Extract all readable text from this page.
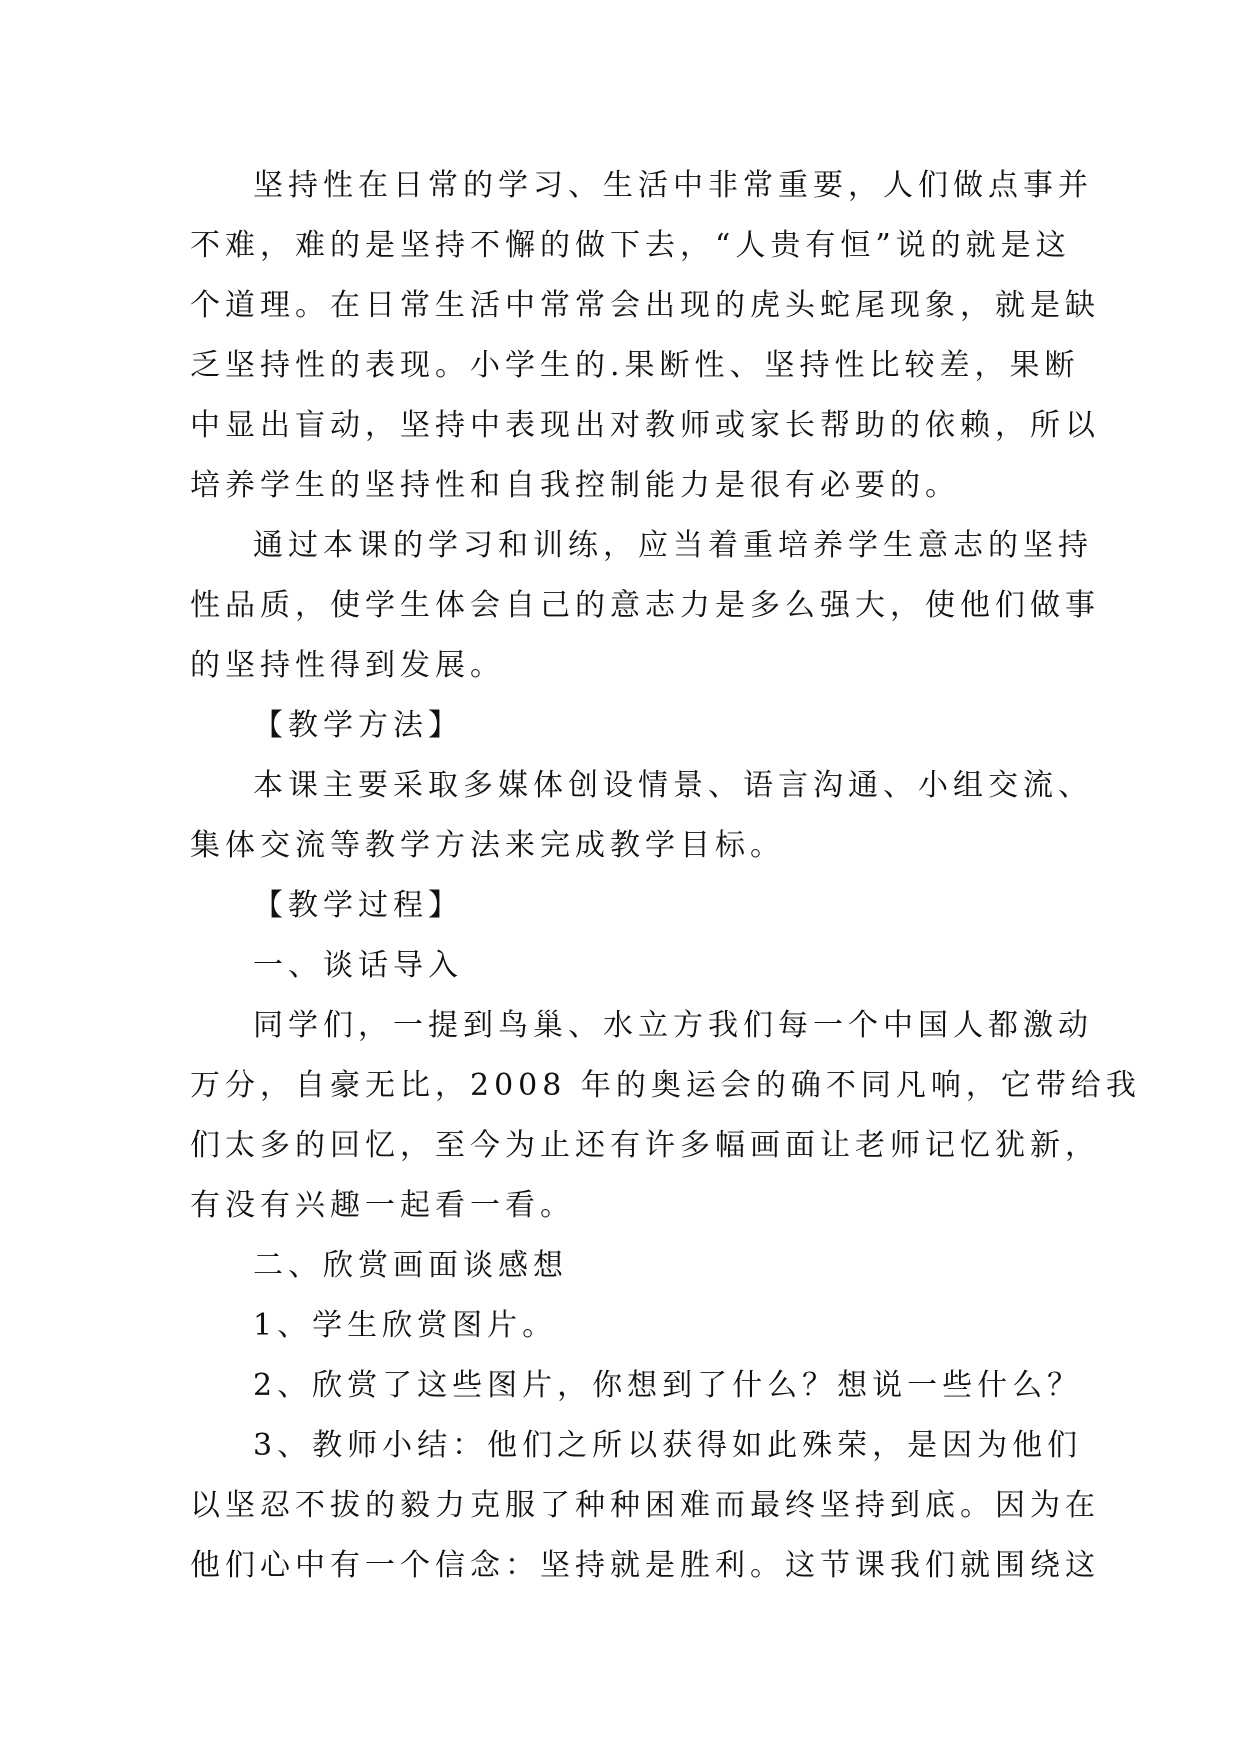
坚持性在日常的学习、生活中非常重要，人们做点事并
不难，难的是坚持不懈的做下去，“人贵有恒”说的就是这
个道理。在日常生活中常常会出现的虎头蛇尾现象，就是缺
乏坚持性的表现。小学生的.果断性、坚持性比较差，果断
中显出盲动，坚持中表现出对教师或家长帮助的依赖，所以
培养学生的坚持性和自我控制能力是很有必要的。
通过本课的学习和训练，应当着重培养学生意志的坚持
性品质，使学生体会自己的意志力是多么强大，使他们做事
的坚持性得到发展。
【教学方法】
本课主要采取多媒体创设情景、语言沟通、小组交流、
集体交流等教学方法来完成教学目标。
【教学过程】
一、谈话导入
同学们，一提到鸟巢、水立方我们每一个中国人都激动
万分，自豪无比，2008 年的奥运会的确不同凡响，它带给我
们太多的回忆，至今为止还有许多幅画面让老师记忆犹新，
有没有兴趣一起看一看。
二、欣赏画面谈感想
1、学生欣赏图片。
2、欣赏了这些图片，你想到了什么？想说一些什么？
3、教师小结：他们之所以获得如此殊荣，是因为他们
以坚忍不拔的毅力克服了种种困难而最终坚持到底。因为在
他们心中有一个信念：坚持就是胜利。这节课我们就围绕这
